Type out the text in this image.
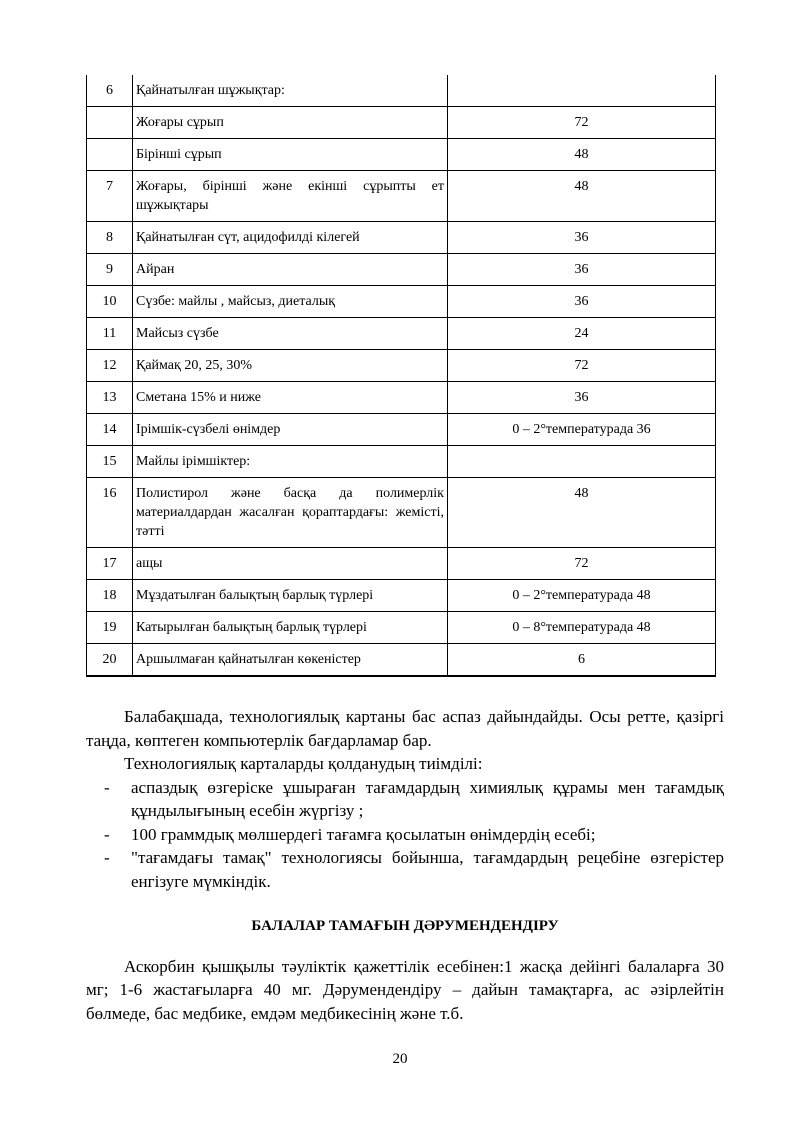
6	Қайнатылған шұжықтар:	
	Жоғары сұрып	72
	Бірінші сұрып	48
7	Жоғары, бірінші және екінші сұрыпты ет шұжықтары	48
8	Қайнатылған сүт, ацидофилді кілегей	36
9	Айран	36
10	Сүзбе: майлы , майсыз, диеталық	36
11	Майсыз сүзбе	24
12	Қаймақ 20, 25, 30%	72
13	Сметана 15% и ниже	36
14	Ірімшік-сүзбелі өнімдер	0 – 2°температурада 36
15	Майлы ірімшіктер:	
16	Полистирол және басқа да полимерлік материалдардан жасалған қораптардағы: жемісті, тәтті	48
17	ащы	72
18	Мұздатылған балықтың барлық түрлері	0 – 2°температурада 48
19	Катырылған балықтың барлық түрлері	0 – 8°температурада 48
20	Аршылмаған қайнатылған көкеністер	6

Балабақшада, технологиялық картаны бас аспаз дайындайды. Осы ретте, қазіргі таңда, көптеген компьютерлік бағдарламар бар.

Технологиялық карталарды қолданудың тиімділі:

- аспаздық өзгеріске ұшыраған тағамдардың химиялық құрамы мен тағамдық құндылығының есебін жүргізу ;
- 100 граммдық мөлшердегі тағамға қосылатын өнімдердің есебі;
- "тағамдағы тамақ" технологиясы бойынша, тағамдардың рецебіне өзгерістер енгізуге мүмкіндік.
БАЛАЛАР ТАМАҒЫН ДӘРУМЕНДЕНДІРУ

Аскорбин қышқылы тәуліктік қажеттілік есебінен:1 жасқа дейінгі балаларға 30 мг; 1-6 жастағыларға 40 мг. Дәрумендендіру – дайын тамақтарға, ас әзірлейтін бөлмеде, бас медбике, емдәм медбикесінің және т.б.

20
